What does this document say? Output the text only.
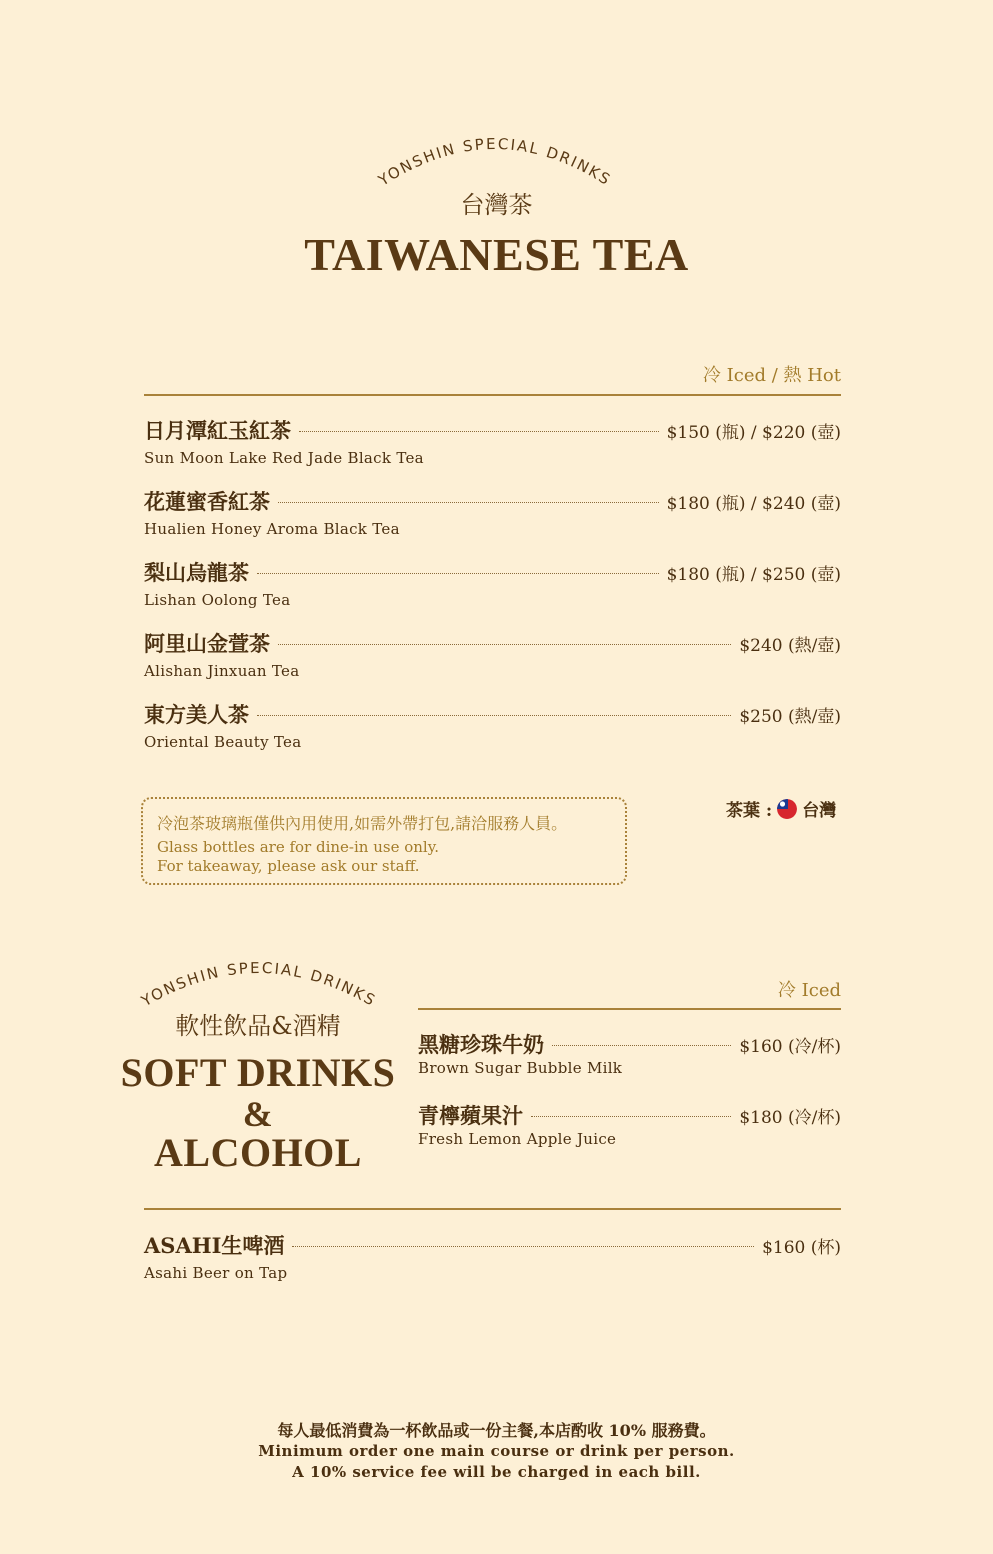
YONSHIN SPECIAL DRINKS
台灣茶
TAIWANESE TEA
冷 Iced / 熱 Hot
日月潭紅玉紅茶	$150 (瓶) / $220 (壺)
Sun Moon Lake Red Jade Black Tea
花蓮蜜香紅茶	$180 (瓶) / $240 (壺)
Hualien Honey Aroma Black Tea
梨山烏龍茶	$180 (瓶) / $250 (壺)
Lishan Oolong Tea
阿里山金萱茶	$240 (熱/壺)
Alishan Jinxuan Tea
東方美人茶	$250 (熱/壺)
Oriental Beauty Tea
冷泡茶玻璃瓶僅供內用使用,如需外帶打包,請洽服務人員。
Glass bottles are for dine-in use only.
For takeaway, please ask our staff.
茶葉 : 台灣
YONSHIN SPECIAL DRINKS
軟性飲品&酒精
SOFT DRINKS
&
ALCOHOL
冷 Iced
黑糖珍珠牛奶	$160 (冷/杯)
Brown Sugar Bubble Milk
青檸蘋果汁	$180 (冷/杯)
Fresh Lemon Apple Juice
ASAHI生啤酒	$160 (杯)
Asahi Beer on Tap
每人最低消費為一杯飲品或一份主餐,本店酌收 10% 服務費。
Minimum order one main course or drink per person.
A 10% service fee will be charged in each bill.
